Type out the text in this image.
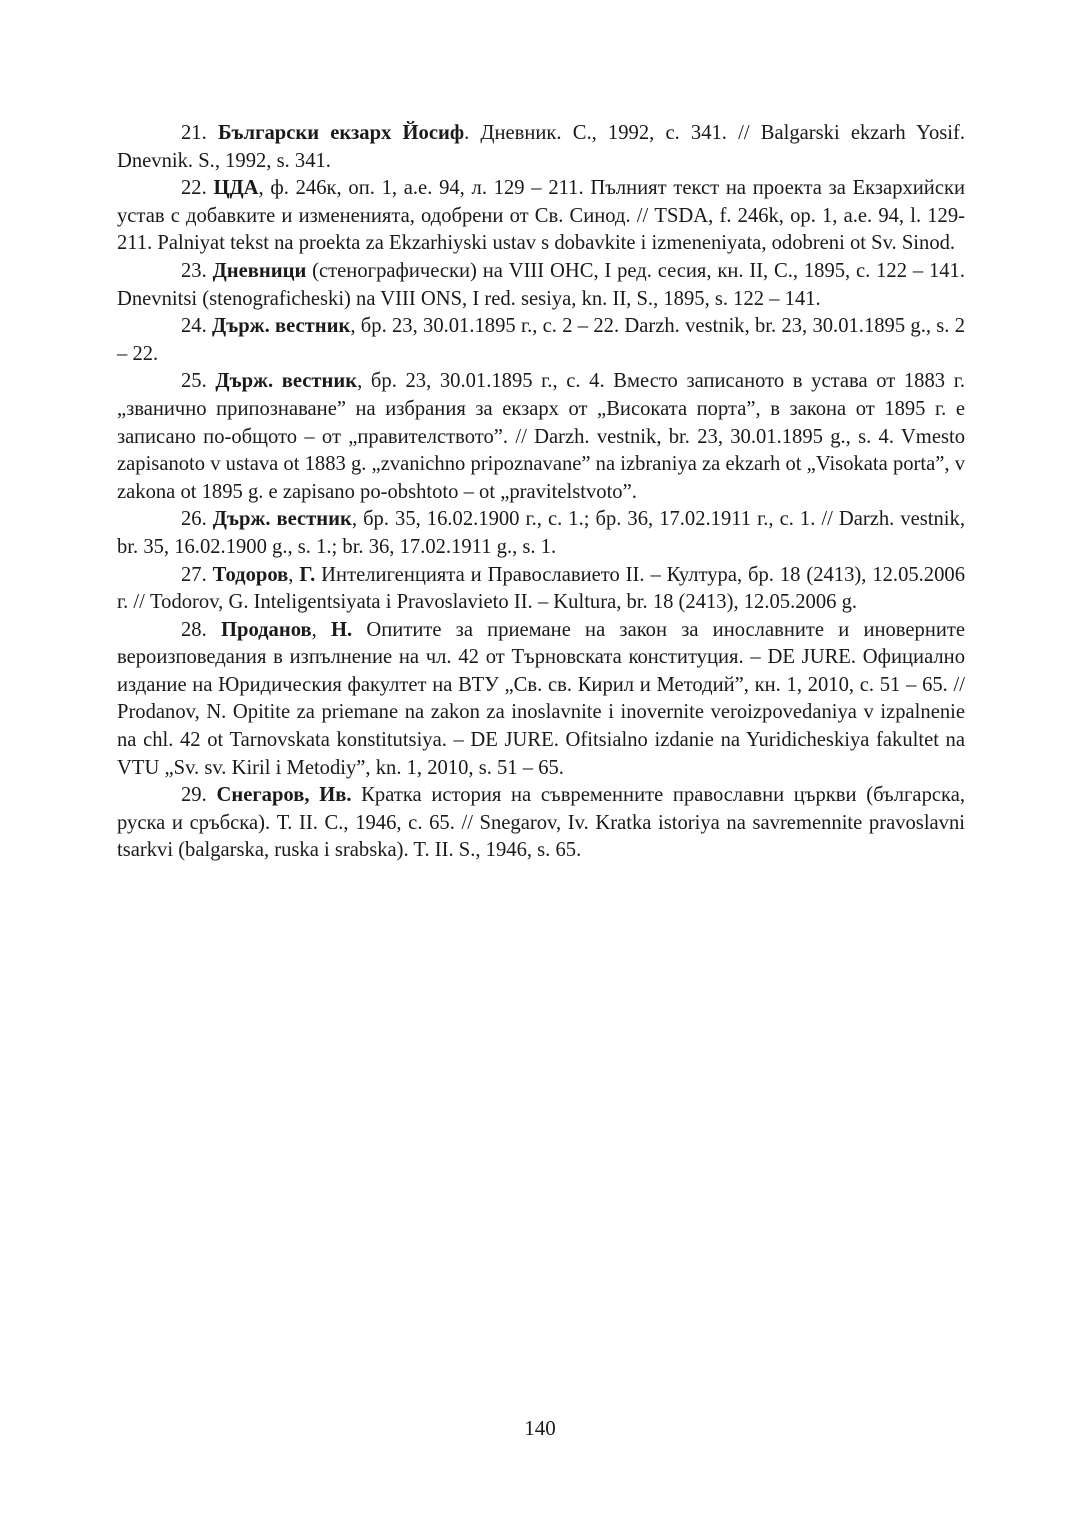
21. Български екзарх Йосиф. Дневник. С., 1992, с. 341. // Balgarski ekzarh Yosif. Dnevnik. S., 1992, s. 341.

22. ЦДА, ф. 246к, оп. 1, а.е. 94, л. 129 – 211. Пълният текст на проекта за Екзархийски устав с добавките и измененията, одобрени от Св. Синод. // TSDA, f. 246k, op. 1, a.e. 94, l. 129-211. Palniyat tekst na proekta za Ekzarhiyski ustav s dobavkite i izmeneniyata, odobreni ot Sv. Sinod.

23. Дневници (стенографически) на VIII ОНС, I ред. сесия, кн. II, С., 1895, с. 122 – 141. Dnevnitsi (stenograficheski) na VIII ONS, I red. sesiya, kn. II, S., 1895, s. 122 – 141.

24. Държ. вестник, бр. 23, 30.01.1895 г., с. 2 – 22. Darzh. vestnik, br. 23, 30.01.1895 g., s. 2 – 22.

25. Държ. вестник, бр. 23, 30.01.1895 г., с. 4. Вместо записаното в устава от 1883 г. „званично припознаване” на избрания за екзарх от „Високата порта”, в закона от 1895 г. е записано по-общото – от „правителството”. // Darzh. vestnik, br. 23, 30.01.1895 g., s. 4. Vmesto zapisanoto v ustava ot 1883 g. „zvanichno pripoznavane” na izbraniya za ekzarh ot „Visokata porta”, v zakona ot 1895 g. e zapisano po-obshtoto – ot „pravitelstvoto”.

26. Държ. вестник, бр. 35, 16.02.1900 г., с. 1.; бр. 36, 17.02.1911 г., с. 1. // Darzh. vestnik, br. 35, 16.02.1900 g., s. 1.; br. 36, 17.02.1911 g., s. 1.

27. Тодоров, Г. Интелигенцията и Православието II. – Култура, бр. 18 (2413), 12.05.2006 г. // Todorov, G. Inteligentsiyata i Pravoslavieto II. – Kultura, br. 18 (2413), 12.05.2006 g.

28. Проданов, Н. Опитите за приемане на закон за инославните и иноверните вероизповедания в изпълнение на чл. 42 от Търновската конституция. – DE JURE. Официално издание на Юридическия факултет на ВТУ „Св. св. Кирил и Методий”, кн. 1, 2010, с. 51 – 65. // Prodanov, N. Opitite za priemane na zakon za inoslavnite i inovernite veroizpovedaniya v izpalnenie na chl. 42 ot Tarnovskata konstitutsiya. – DE JURE. Ofitsialno izdanie na Yuridicheskiya fakultet na VTU „Sv. sv. Kiril i Metodiy”, kn. 1, 2010, s. 51 – 65.

29. Снегаров, Ив. Кратка история на съвременните православни църкви (българска, руска и сръбска). Т. II. С., 1946, с. 65. // Snegarov, Iv. Kratka istoriya na savremennite pravoslavni tsarkvi (balgarska, ruska i srabska). T. II. S., 1946, s. 65.

140
